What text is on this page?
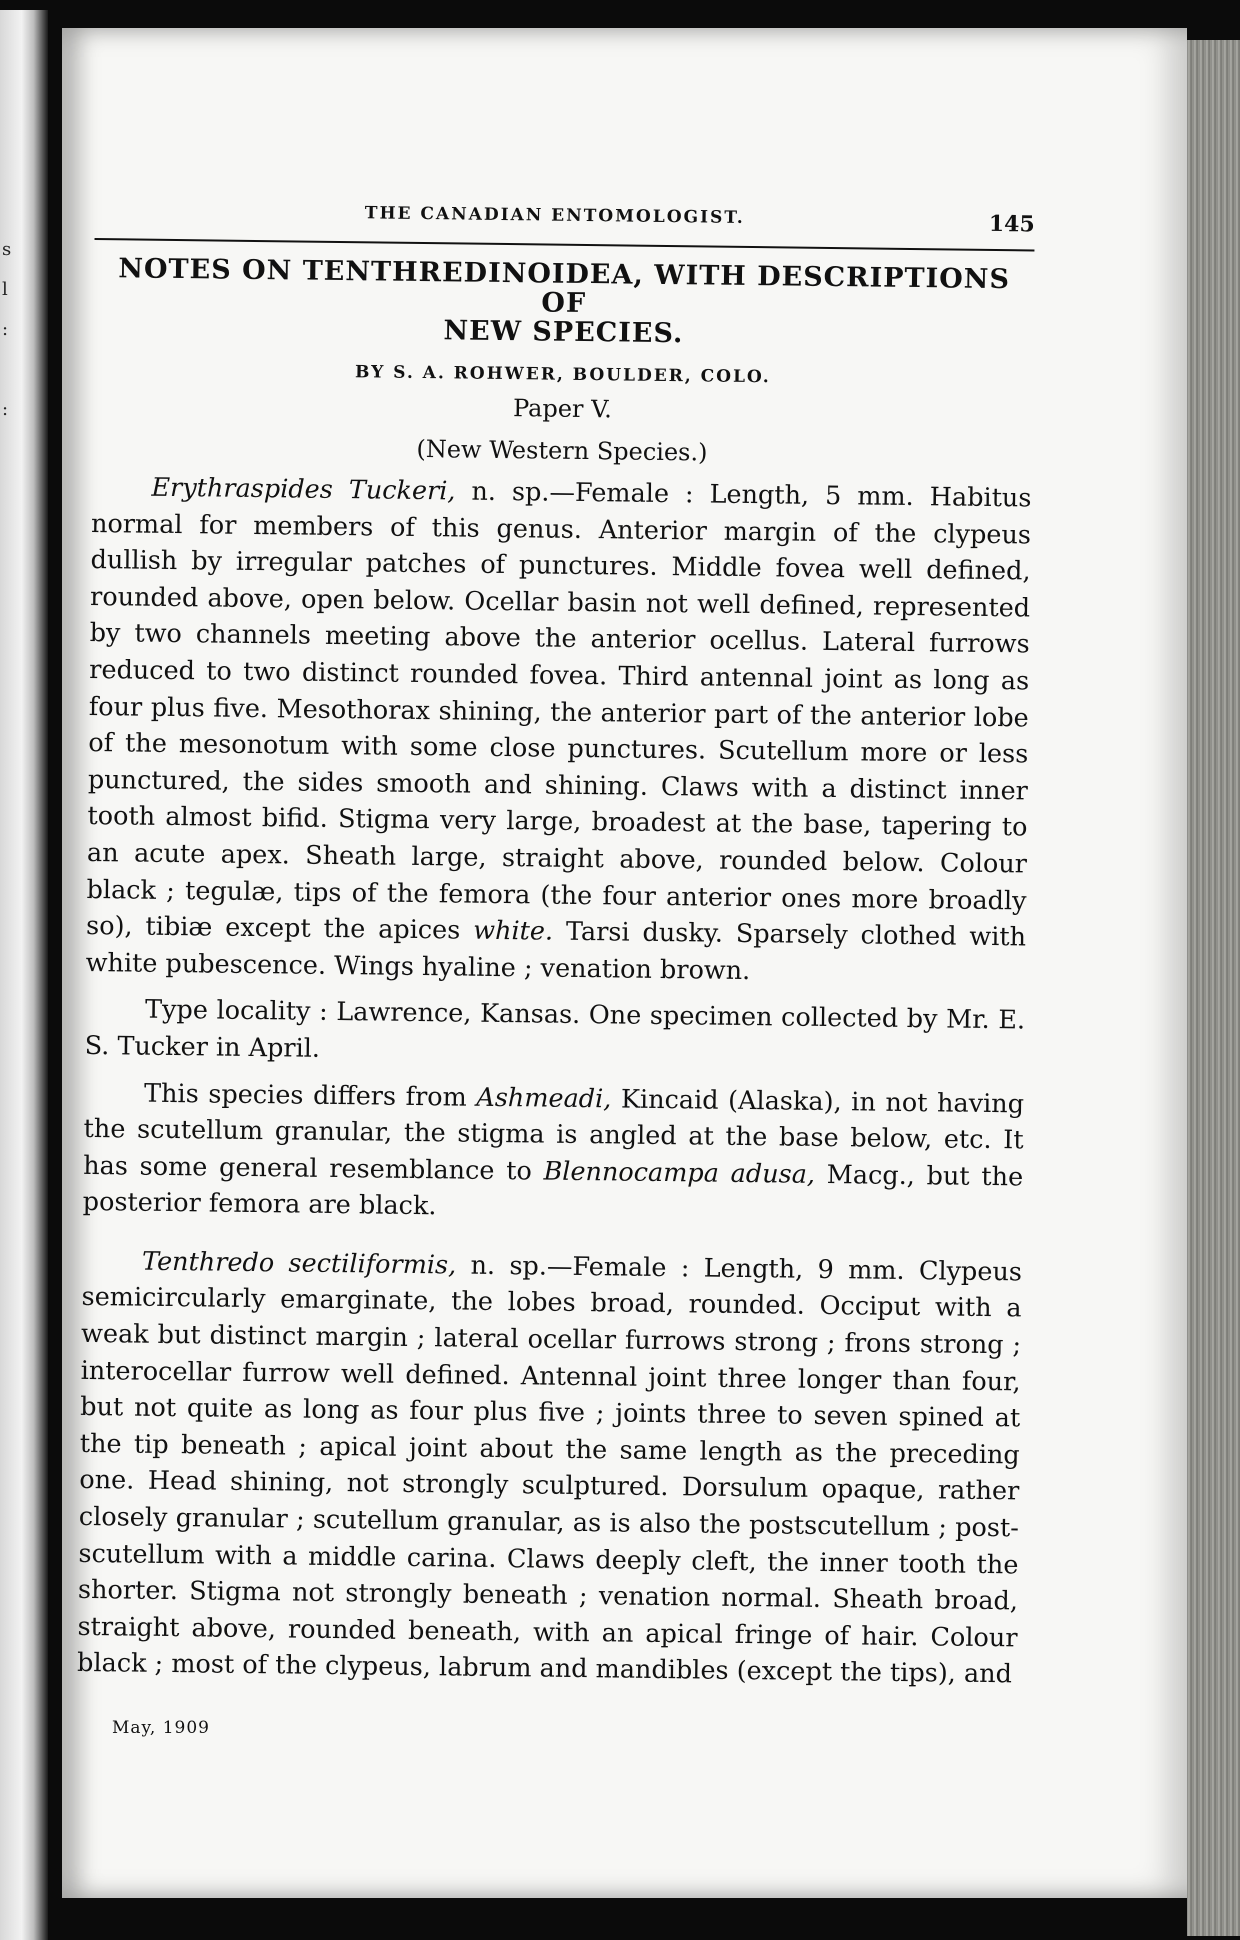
s
l
:

:
THE CANADIAN ENTOMOLOGIST.	145
NOTES ON TENTHREDINOIDEA, WITH DESCRIPTIONS OF
NEW SPECIES.
BY S. A. ROHWER, BOULDER, COLO.
Paper V.
(New Western Species.)

Erythraspides Tuckeri, n. sp.—Female : Length, 5 mm. Habitus normal for members of this genus. Anterior margin of the clypeus dullish by irregular patches of punctures. Middle fovea well defined, rounded above, open below. Ocellar basin not well defined, represented by two channels meeting above the anterior ocellus. Lateral furrows reduced to two distinct rounded fovea. Third antennal joint as long as four plus five. Mesothorax shining, the anterior part of the anterior lobe of the mesonotum with some close punctures. Scutellum more or less punctured, the sides smooth and shining. Claws with a distinct inner tooth almost bifid. Stigma very large, broadest at the base, tapering to an acute apex. Sheath large, straight above, rounded below. Colour black ; tegulæ, tips of the femora (the four anterior ones more broadly so), tibiæ except the apices white. Tarsi dusky. Sparsely clothed with white pubescence. Wings hyaline ; venation brown.

Type locality : Lawrence, Kansas. One specimen collected by Mr. E. S. Tucker in April.

This species differs from Ashmeadi, Kincaid (Alaska), in not having the scutellum granular, the stigma is angled at the base below, etc. It has some general resemblance to Blennocampa adusa, Macg., but the posterior femora are black.

Tenthredo sectiliformis, n. sp.—Female : Length, 9 mm. Clypeus semicircularly emarginate, the lobes broad, rounded. Occiput with a weak but distinct margin ; lateral ocellar furrows strong ; frons strong ; interocellar furrow well defined. Antennal joint three longer than four, but not quite as long as four plus five ; joints three to seven spined at the tip beneath ; apical joint about the same length as the preceding one. Head shining, not strongly sculptured. Dorsulum opaque, rather closely granular ; scutellum granular, as is also the postscutellum ; post-scutellum with a middle carina. Claws deeply cleft, the inner tooth the shorter. Stigma not strongly beneath ; venation normal. Sheath broad, straight above, rounded beneath, with an apical fringe of hair. Colour black ; most of the clypeus, labrum and mandibles (except the tips), and

May, 1909
